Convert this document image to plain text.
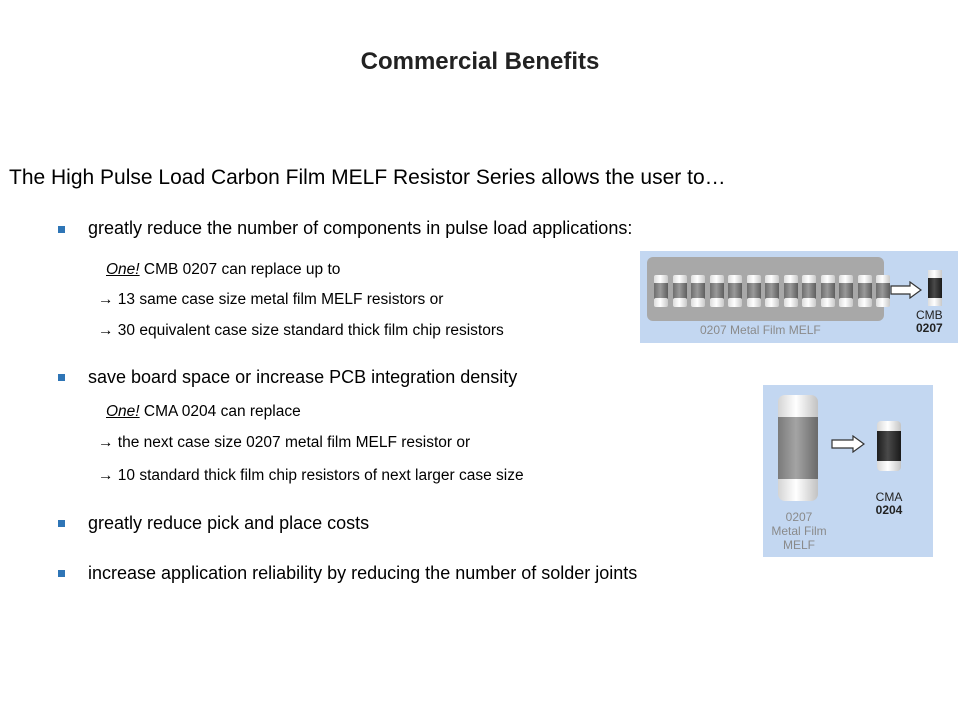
Commercial Benefits
The High Pulse Load Carbon Film MELF Resistor Series allows the user to…
greatly reduce the number of components in pulse load applications:
One! CMB 0207 can replace up to
→ 13 same case size metal film MELF resistors or
→ 30 equivalent case size standard thick film chip resistors
save board space or increase PCB integration density
One! CMA 0204 can replace
→ the next case size 0207 metal film MELF resistor or
→ 10 standard thick film chip resistors of next larger case size
greatly reduce pick and place costs
increase application reliability by reducing the number of solder joints
0207 Metal Film MELF
CMB
0207
CMA
0204
0207
Metal Film
MELF
